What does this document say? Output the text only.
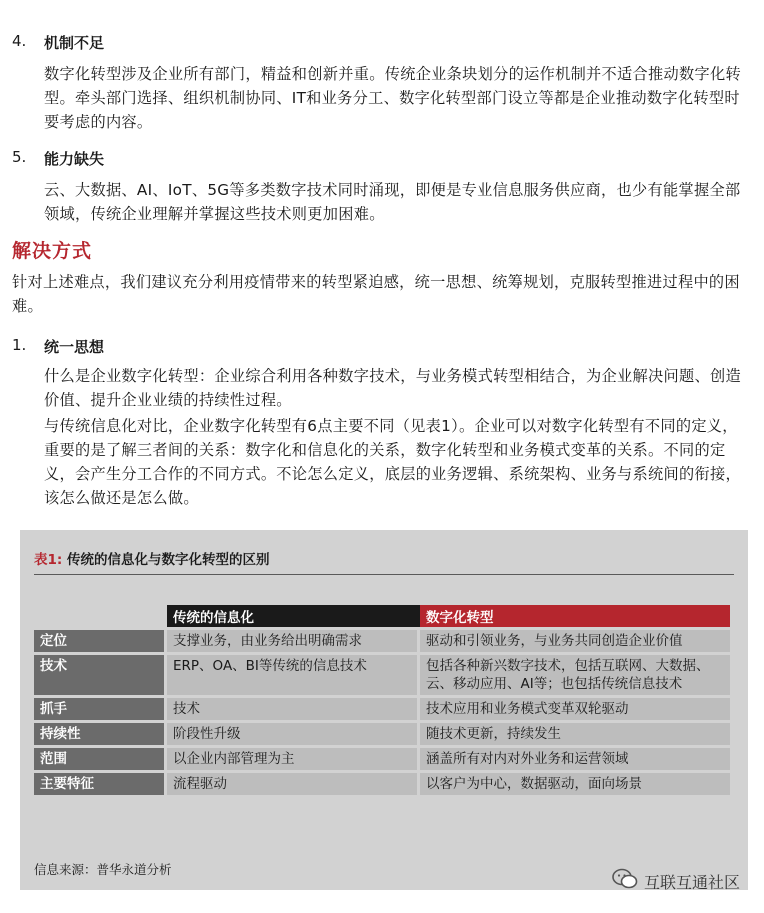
4. 机制不足
数字化转型涉及企业所有部门，精益和创新并重。传统企业条块划分的运作机制并不适合推动数字化转型。牵头部门选择、组织机制协同、IT和业务分工、数字化转型部门设立等都是企业推动数字化转型时要考虑的内容。
5. 能力缺失
云、大数据、AI、IoT、5G等多类数字技术同时涌现，即便是专业信息服务供应商，也少有能掌握全部领域，传统企业理解并掌握这些技术则更加困难。
解决方式
针对上述难点，我们建议充分利用疫情带来的转型紧迫感，统一思想、统筹规划，克服转型推进过程中的困难。
1. 统一思想
什么是企业数字化转型：企业综合利用各种数字技术，与业务模式转型相结合，为企业解决问题、创造价值、提升企业业绩的持续性过程。
与传统信息化对比，企业数字化转型有6点主要不同（见表1）。企业可以对数字化转型有不同的定义，重要的是了解三者间的关系：数字化和信息化的关系，数字化转型和业务模式变革的关系。不同的定义，会产生分工合作的不同方式。不论怎么定义，底层的业务逻辑、系统架构、业务与系统间的衔接，该怎么做还是怎么做。
表1: 传统的信息化与数字化转型的区别
	传统的信息化	数字化转型
定位	支撑业务，由业务给出明确需求	驱动和引领业务，与业务共同创造企业价值
技术	ERP、OA、BI等传统的信息技术	包括各种新兴数字技术，包括互联网、大数据、云、移动应用、AI等；也包括传统信息技术
抓手	技术	技术应用和业务模式变革双轮驱动
持续性	阶段性升级	随技术更新，持续发生
范围	以企业内部管理为主	涵盖所有对内对外业务和运营领域
主要特征	流程驱动	以客户为中心，数据驱动，面向场景
信息来源：普华永道分析
互联互通社区
